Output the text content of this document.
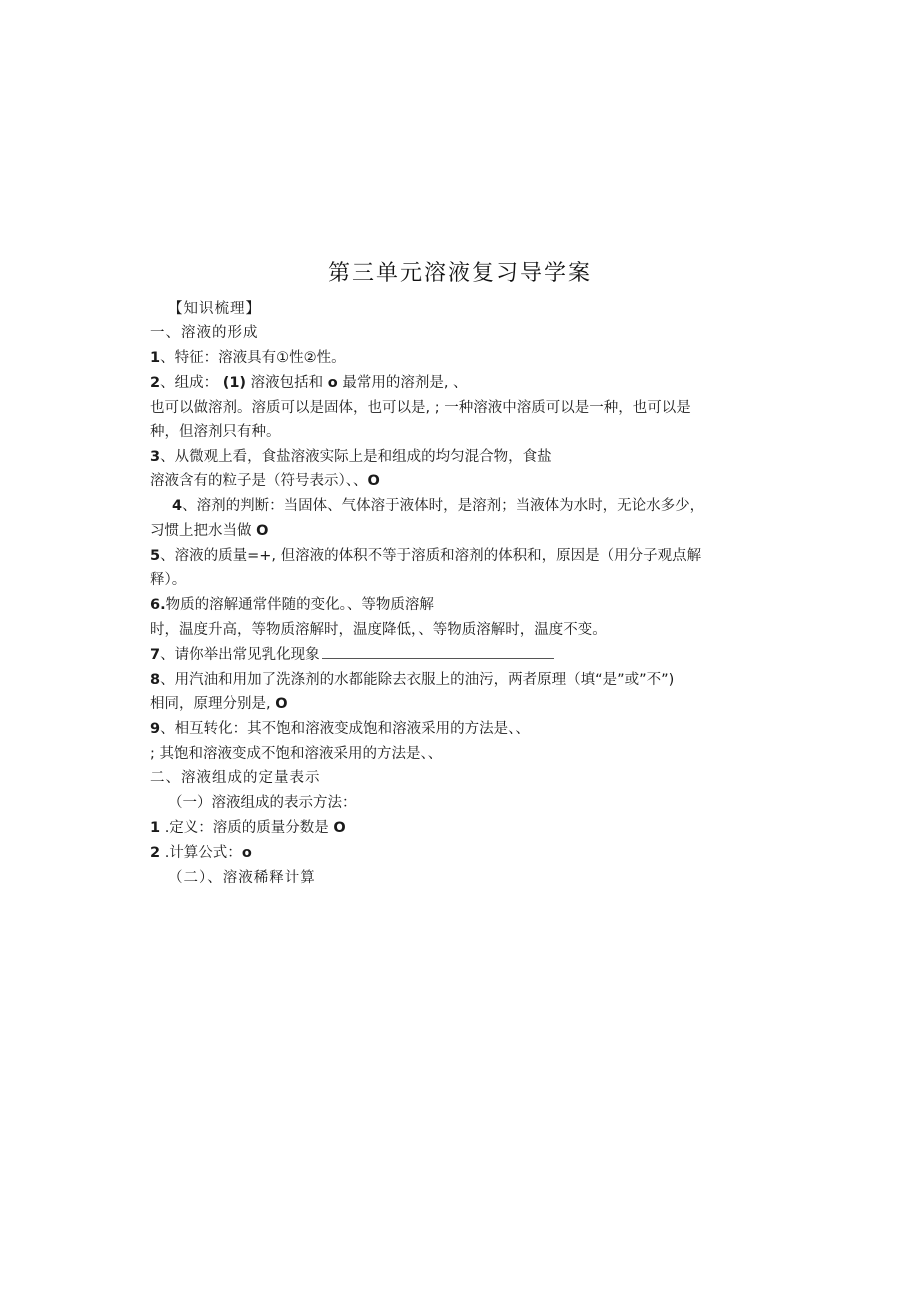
第三单元溶液复习导学案
【知识梳理】
一、溶液的形成
1、特征：溶液具有①性②性。
2、组成： (1) 溶液包括和 o 最常用的溶剂是, 、
也可以做溶剂。溶质可以是固体，也可以是, ; 一种溶液中溶质可以是一种，也可以是
种，但溶剂只有种。
3、从微观上看，食盐溶液实际上是和组成的均匀混合物，食盐
溶液含有的粒子是（符号表示）、、O
4、溶剂的判断：当固体、气体溶于液体时，是溶剂；当液体为水时，无论水多少，
习惯上把水当做 O
5、溶液的质量=+, 但溶液的体积不等于溶质和溶剂的体积和，原因是（用分子观点解
释）。
6.物质的溶解通常伴随的变化。、等物质溶解
时，温度升高，等物质溶解时，温度降低，、等物质溶解时，温度不变。
7、请你举出常见乳化现象
8、用汽油和用加了洗涤剂的水都能除去衣服上的油污，两者原理（填“是”或”不”)
相同，原理分别是, O
9、相互转化：其不饱和溶液变成饱和溶液采用的方法是、、
; 其饱和溶液变成不饱和溶液采用的方法是、、
二、溶液组成的定量表示
（一）溶液组成的表示方法：
1 .定义：溶质的质量分数是 O
2 .计算公式：o
（二）、溶液稀释计算
